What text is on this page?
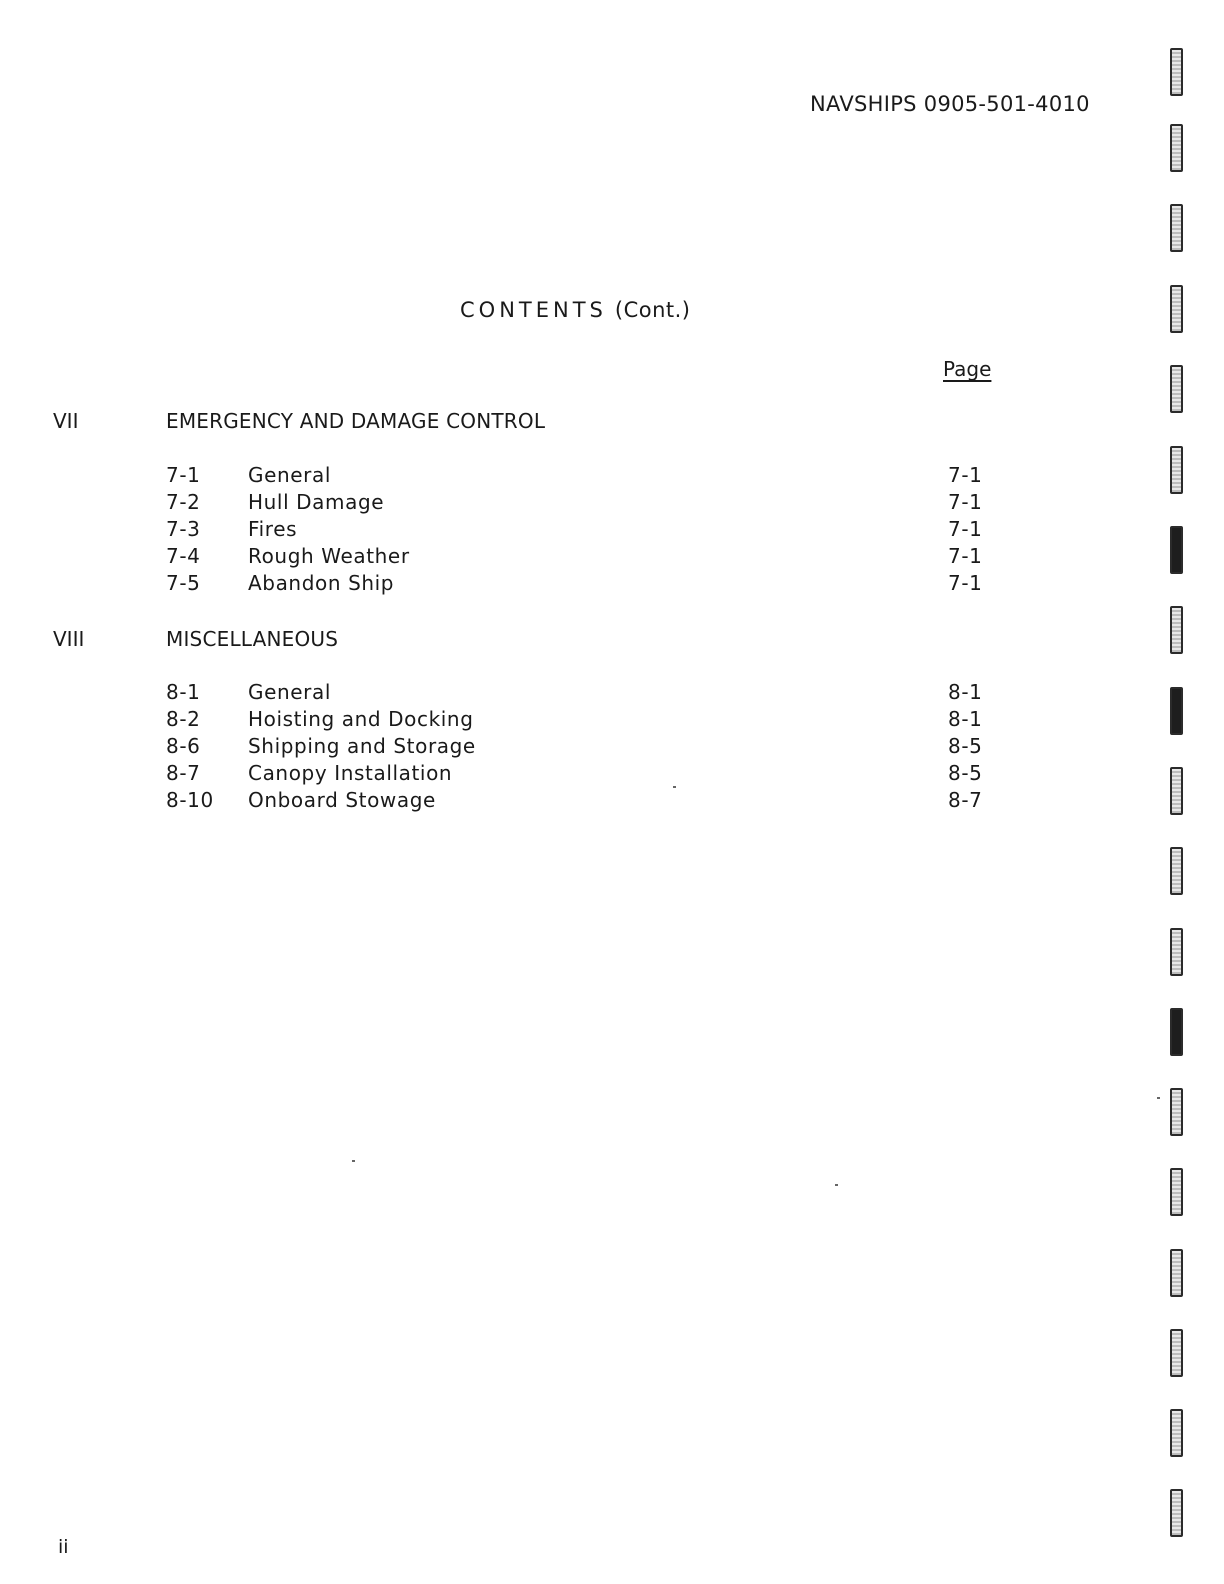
NAVSHIPS 0905-501-4010
CONTENTS (Cont.)
Page
VII	EMERGENCY AND DAMAGE CONTROL
7-1 General	7-1
7-2 Hull Damage	7-1
7-3 Fires	7-1
7-4 Rough Weather	7-1
7-5 Abandon Ship	7-1
VIII	MISCELLANEOUS
8-1 General	8-1
8-2 Hoisting and Docking	8-1
8-6 Shipping and Storage	8-5
8-7 Canopy Installation	8-5
8-10 Onboard Stowage	8-7
ii
